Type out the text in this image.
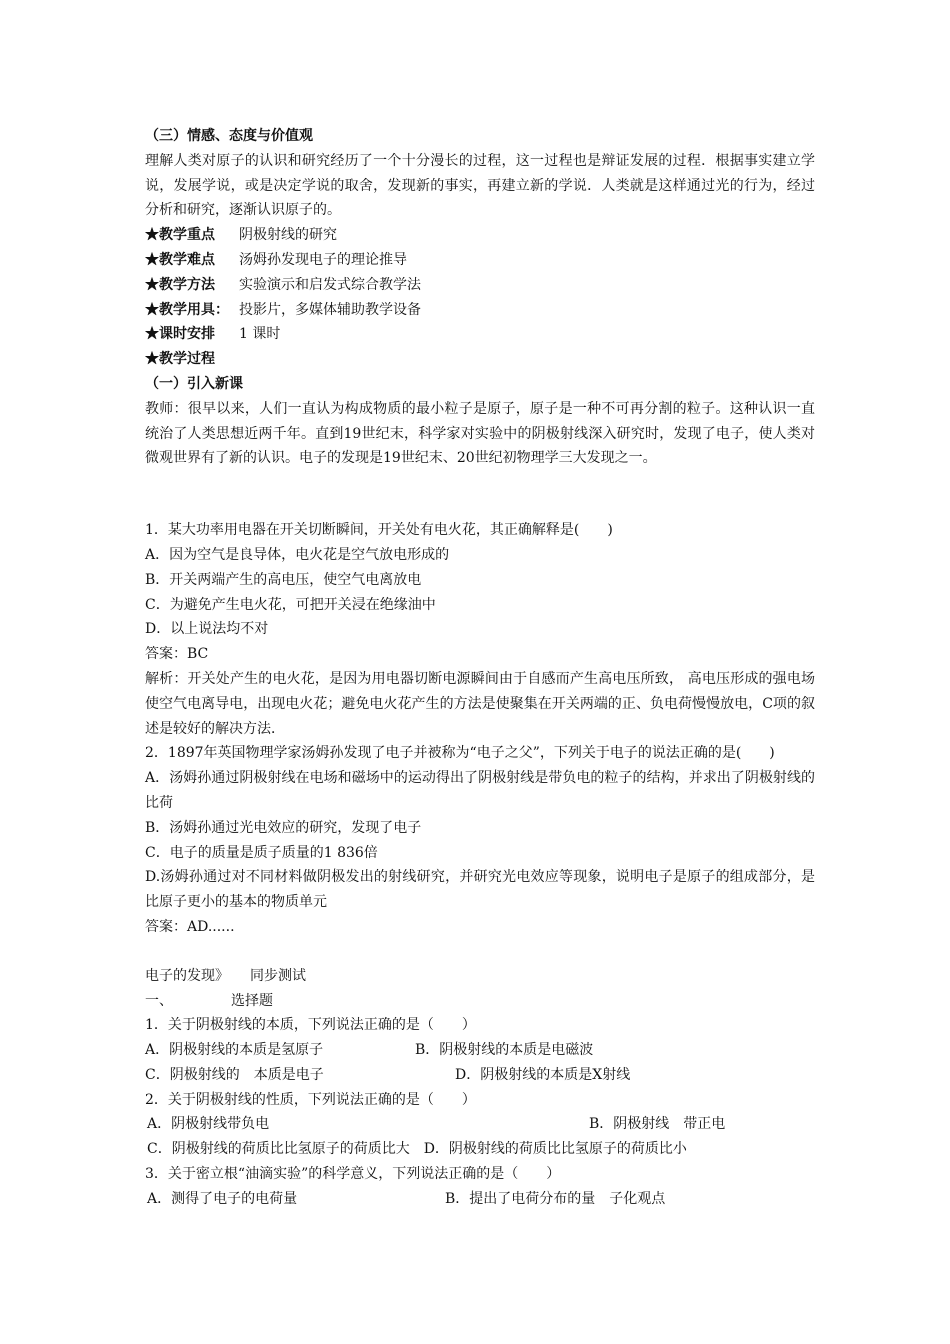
（三）情感、态度与价值观
理解人类对原子的认识和研究经历了一个十分漫长的过程，这一过程也是辩证发展的过程．根据事实建立学说，发展学说，或是决定学说的取舍，发现新的事实，再建立新的学说．人类就是这样通过光的行为，经过分析和研究，逐渐认识原子的。
★教学重点 阴极射线的研究
★教学难点 汤姆孙发现电子的理论推导
★教学方法 实验演示和启发式综合教学法
★教学用具： 投影片，多媒体辅助教学设备
★课时安排 1 课时
★教学过程
（一）引入新课
教师：很早以来，人们一直认为构成物质的最小粒子是原子，原子是一种不可再分割的粒子。这种认识一直统治了人类思想近两千年。直到19世纪末，科学家对实验中的阴极射线深入研究时，发现了电子，使人类对微观世界有了新的认识。电子的发现是19世纪末、20世纪初物理学三大发现之一。
1．某大功率用电器在开关切断瞬间，开关处有电火花，其正确解释是(　　)
A．因为空气是良导体，电火花是空气放电形成的
B．开关两端产生的高电压，使空气电离放电
C．为避免产生电火花，可把开关浸在绝缘油中
D．以上说法均不对
答案：BC
解析：开关处产生的电火花，是因为用电器切断电源瞬间由于自感而产生高电压所致， 高电压形成的强电场使空气电离导电，出现电火花；避免电火花产生的方法是使聚集在开关两端的正、负电荷慢慢放电，C项的叙述是较好的解决方法．
2．1897年英国物理学家汤姆孙发现了电子并被称为“电子之父”，下列关于电子的说法正确的是(　　)
A．汤姆孙通过阴极射线在电场和磁场中的运动得出了阴极射线是带负电的粒子的结构，并求出了阴极射线的比荷
B．汤姆孙通过光电效应的研究，发现了电子
C．电子的质量是质子质量的1 836倍
D.汤姆孙通过对不同材料做阴极发出的射线研究，并研究光电效应等现象，说明电子是原子的组成部分，是比原子更小的基本的物质单元
答案：AD......
电子的发现》　　同步测试
一、	选择题
1．关于阴极射线的本质，下列说法正确的是（　　）
A．阴极射线的本质是氢原子	B．阴极射线的本质是电磁波
C．阴极射线的　本质是电子	D．阴极射线的本质是X射线
2．关于阴极射线的性质，下列说法正确的是（　　）
A．阴极射线带负电	B．阴极射线　带正电
C．阴极射线的荷质比比氢原子的荷质比大　D．阴极射线的荷质比比氢原子的荷质比小
3．关于密立根“油滴实验”的科学意义，下列说法正确的是（　　）
A．测得了电子的电荷量	B．提出了电荷分布的量　子化观点
